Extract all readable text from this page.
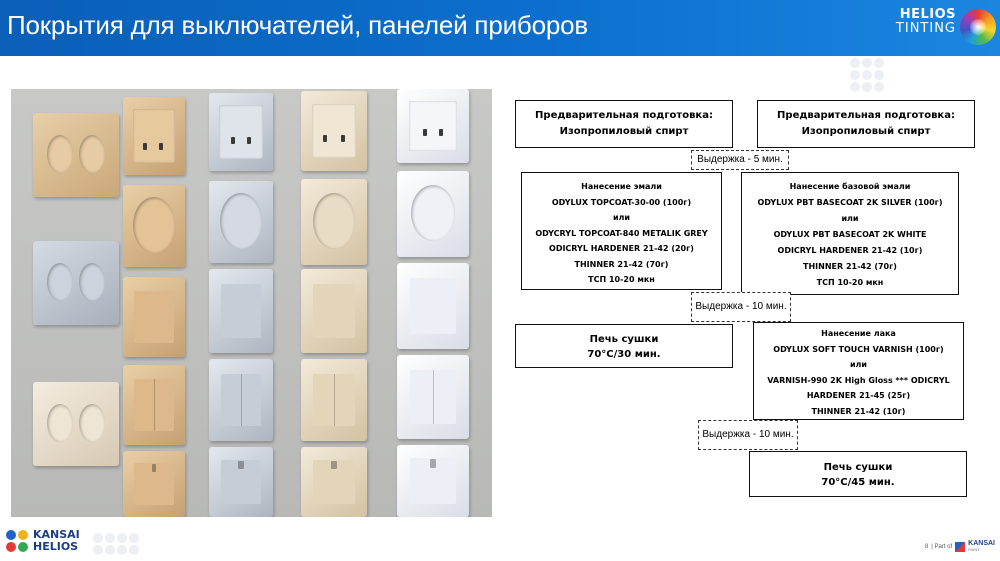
Покрытия для выключателей, панелей приборов	HELIOS
TINTING
Предварительная подготовка:
Изопропиловый спирт
Предварительная подготовка:
Изопропиловый спирт
Выдержка - 5 мин.
Нанесение эмали
ODYLUX TOPCOAT-30-00 (100г)
или
ODYCRYL TOPCOAT-840 METALIK GREY
ODICRYL HARDENER 21-42 (20г)
THINNER 21-42 (70г)
ТСП 10-20 мкн
Нанесение базовой эмали
ODYLUX PBT BASECOAT 2K SILVER (100г)
или
ODYLUX PBT BASECOAT 2K WHITE
ODICRYL HARDENER 21-42 (10г)
THINNER 21-42 (70г)
ТСП 10-20 мкн
Выдержка - 10 мин.
Печь сушки
70°С/30 мин.
Нанесение лака
ODYLUX SOFT TOUCH VARNISH (100г)
или
VARNISH-990 2K High Gloss *** ODICRYL
HARDENER 21-45 (25г)
THINNER 21-42 (10г)
Выдержка - 10 мин.
Печь сушки
70°С/45 мин.
KANSAI
HELIOS	8 | Part of KANSAI
PAINT
